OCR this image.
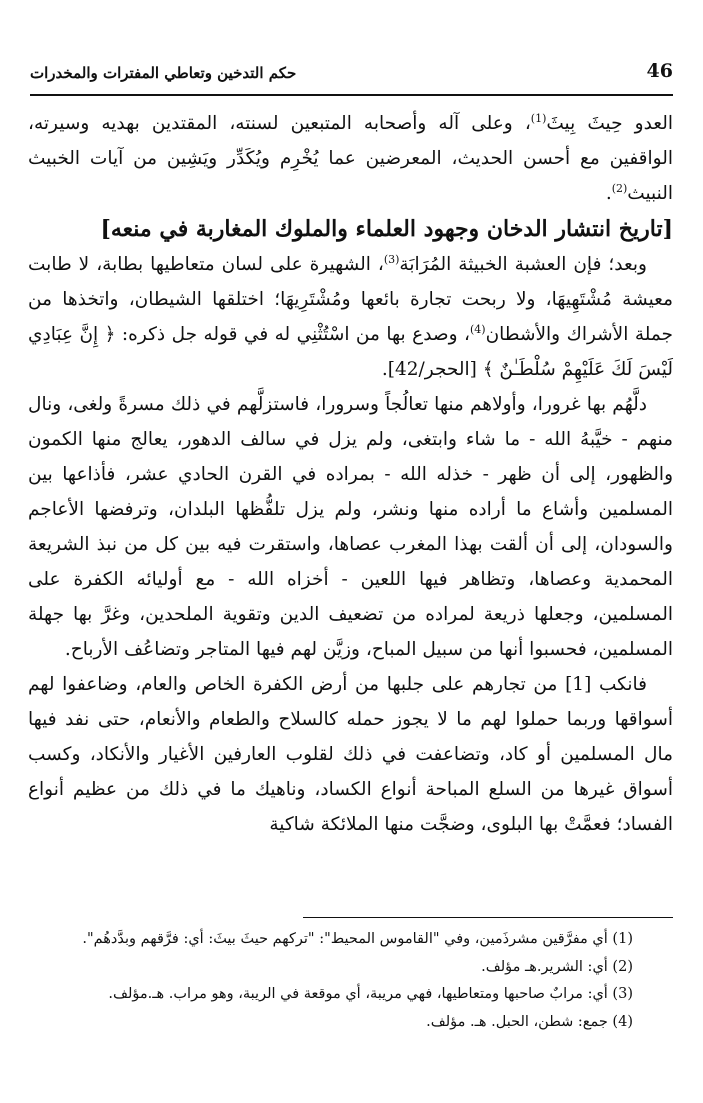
46
حكم التدخين وتعاطي المفترات والمخدرات

العدو حِيثَ بِيثَ$^{(1)}$، وعلى آله وأصحابه المتبعين لسنته، المقتدين بهديه وسيرته، الواقفين مع أحسن الحديث، المعرضين عما يُخْرِم ويُكَدِّر ويَشِين من آيات الخبيث النبيث$^{(2)}$.

[تاريخ انتشار الدخان وجهود العلماء والملوك المغاربة في منعه]

وبعد؛ فإن العشبة الخبيثة المُرَابَة$^{(3)}$، الشهيرة على لسان متعاطيها بطابة، لا طابت معيشة مُشْتَهِيهَا، ولا ربحت تجارة بائعها ومُشْتَرِيهَا؛ اختلقها الشيطان، واتخذها من جملة الأشراك والأشطان$^{(4)}$، وصدع بها من اسْتُثْنِي له في قوله جل ذكره: ﴿ إِنَّ عِبَادِي لَيْسَ لَكَ عَلَيْهِمْ سُلْطَـٰنٌ ﴾ [الحجر/42].

دلَّهُم بها غرورا، وأولاهم منها تعالُجاً وسرورا، فاستزلَّهم في ذلك مسرةً ولغى، ونال منهم - خيَّبهُ الله - ما شاء وابتغى، ولم يزل في سالف الدهور، يعالج منها الكمون والظهور، إلى أن ظهر - خذله الله - بمراده في القرن الحادي عشر، فأذاعها بين المسلمين وأشاع ما أراده منها ونشر، ولم يزل تلفُّظها البلدان، وترفضها الأعاجم والسودان، إلى أن ألقت بهذا المغرب عصاها، واستقرت فيه بين كل من نبذ الشريعة المحمدية وعصاها، وتظاهر فيها اللعين - أخزاه الله - مع أوليائه الكفرة على المسلمين، وجعلها ذريعة لمراده من تضعيف الدين وتقوية الملحدين، وغرَّ بها جهلة المسلمين، فحسبوا أنها من سبيل المباح، وزيَّن لهم فيها المتاجر وتضاعُف الأرباح.

فانكب [1] من تجارهم على جلبها من أرض الكفرة الخاص والعام، وضاعفوا لهم أسواقها وربما حملوا لهم ما لا يجوز حمله كالسلاح والطعام والأنعام، حتى نفد فيها مال المسلمين أو كاد، وتضاعفت في ذلك لقلوب العارفين الأغيار والأنكاد، وكسب أسواق غيرها من السلع المباحة أنواع الكساد، وناهيك ما في ذلك من عظيم أنواع الفساد؛ فعمَّتْ بها البلوى، وضجَّت منها الملائكة شاكية

(1) أي مفرَّقين مشرذَمين، وفي "القاموس المحيط": "تركهم حيثَ بيثَ: أي: فرَّقهم وبدَّدهُم".

(2) أي: الشرير.هـ مؤلف.

(3) أي: مرابٌ صاحبها ومتعاطيها، فهي مريبة، أي موقعة في الريبة، وهو مراب. هـ.مؤلف.

(4) جمع: شطن، الحبل. هـ. مؤلف.
